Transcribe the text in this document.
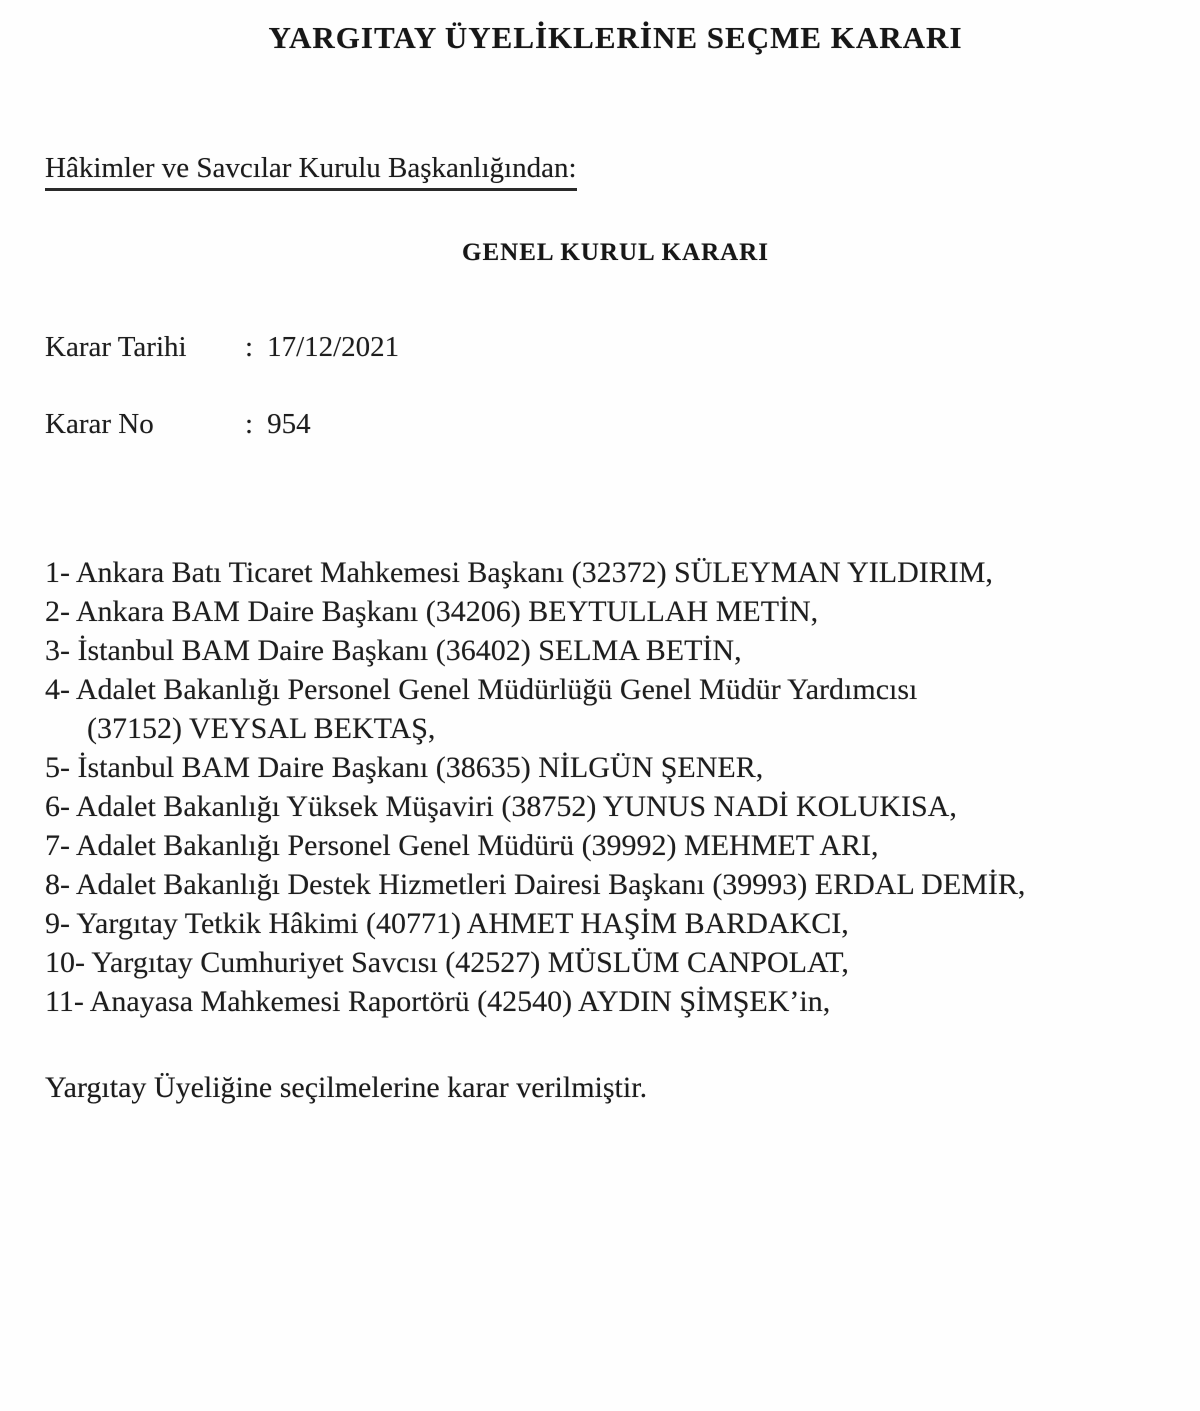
YARGITAY ÜYELİKLERİNE SEÇME KARARI
Hâkimler ve Savcılar Kurulu Başkanlığından:
GENEL KURUL KARARI
Karar Tarihi : 17/12/2021
Karar No	: 954
1- Ankara Batı Ticaret Mahkemesi Başkanı (32372) SÜLEYMAN YILDIRIM,
2- Ankara BAM Daire Başkanı (34206) BEYTULLAH METİN,
3- İstanbul BAM Daire Başkanı (36402) SELMA BETİN,
4- Adalet Bakanlığı Personel Genel Müdürlüğü Genel Müdür Yardımcısı
(37152) VEYSAL BEKTAŞ,
5- İstanbul BAM Daire Başkanı (38635) NİLGÜN ŞENER,
6- Adalet Bakanlığı Yüksek Müşaviri (38752) YUNUS NADİ KOLUKISA,
7- Adalet Bakanlığı Personel Genel Müdürü (39992) MEHMET ARI,
8- Adalet Bakanlığı Destek Hizmetleri Dairesi Başkanı (39993) ERDAL DEMİR,
9- Yargıtay Tetkik Hâkimi (40771) AHMET HAŞİM BARDAKCI,
10- Yargıtay Cumhuriyet Savcısı (42527) MÜSLÜM CANPOLAT,
11- Anayasa Mahkemesi Raportörü (42540) AYDIN ŞİMŞEK’in,

Yargıtay Üyeliğine seçilmelerine karar verilmiştir.
